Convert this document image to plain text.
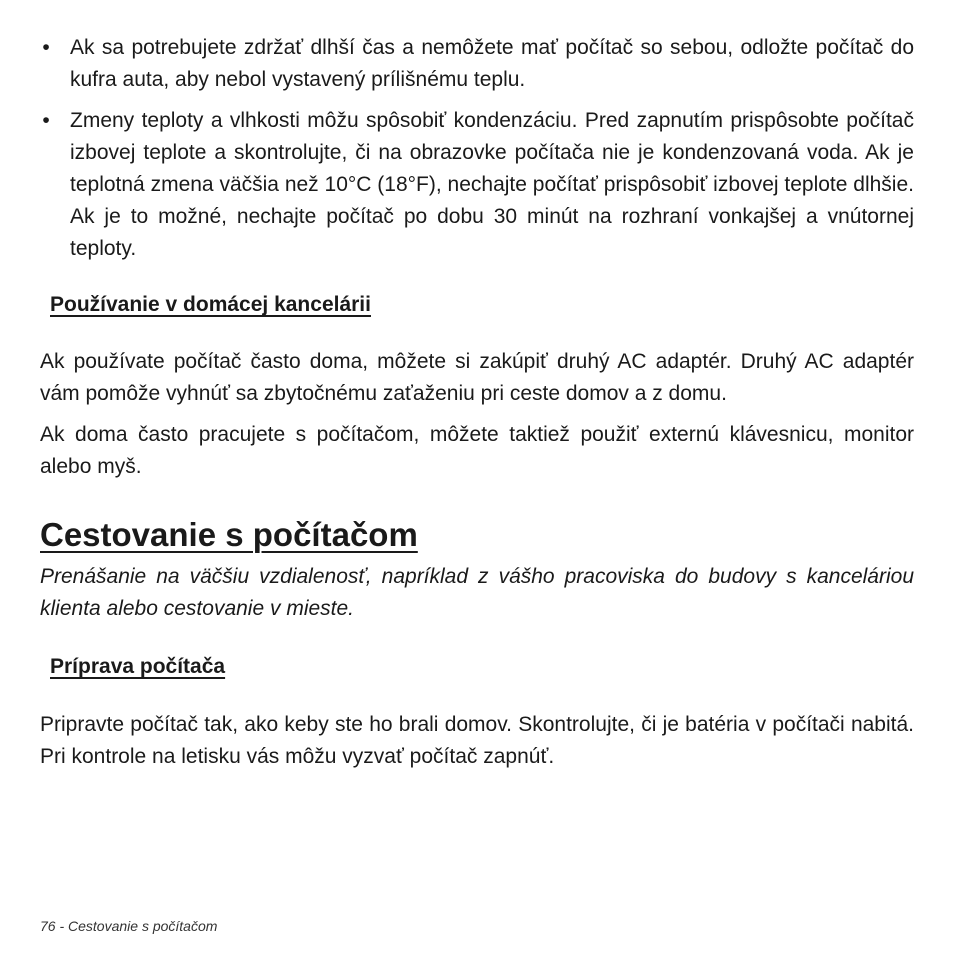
• Ak sa potrebujete zdržať dlhší čas a nemôžete mať počítač so sebou, odložte počítač do kufra auta, aby nebol vystavený prílišnému teplu.
• Zmeny teploty a vlhkosti môžu spôsobiť kondenzáciu. Pred zapnutím prispôsobte počítač izbovej teplote a skontrolujte, či na obrazovke počítača nie je kondenzovaná voda. Ak je teplotná zmena väčšia než 10°C (18°F), nechajte počítať prispôsobiť izbovej teplote dlhšie. Ak je to možné, nechajte počítač po dobu 30 minút na rozhraní vonkajšej a vnútornej teploty.
Používanie v domácej kancelárii

Ak používate počítač často doma, môžete si zakúpiť druhý AC adaptér. Druhý AC adaptér vám pomôže vyhnúť sa zbytočnému zaťaženiu pri ceste domov a z domu.

Ak doma často pracujete s počítačom, môžete taktiež použiť externú klávesnicu, monitor alebo myš.

Cestovanie s počítačom

Prenášanie na väčšiu vzdialenosť, napríklad z vášho pracoviska do budovy s kanceláriou klienta alebo cestovanie v mieste.

Príprava počítača

Pripravte počítač tak, ako keby ste ho brali domov. Skontrolujte, či je batéria v počítači nabitá. Pri kontrole na letisku vás môžu vyzvať počítač zapnúť.

76 - Cestovanie s počítačom
